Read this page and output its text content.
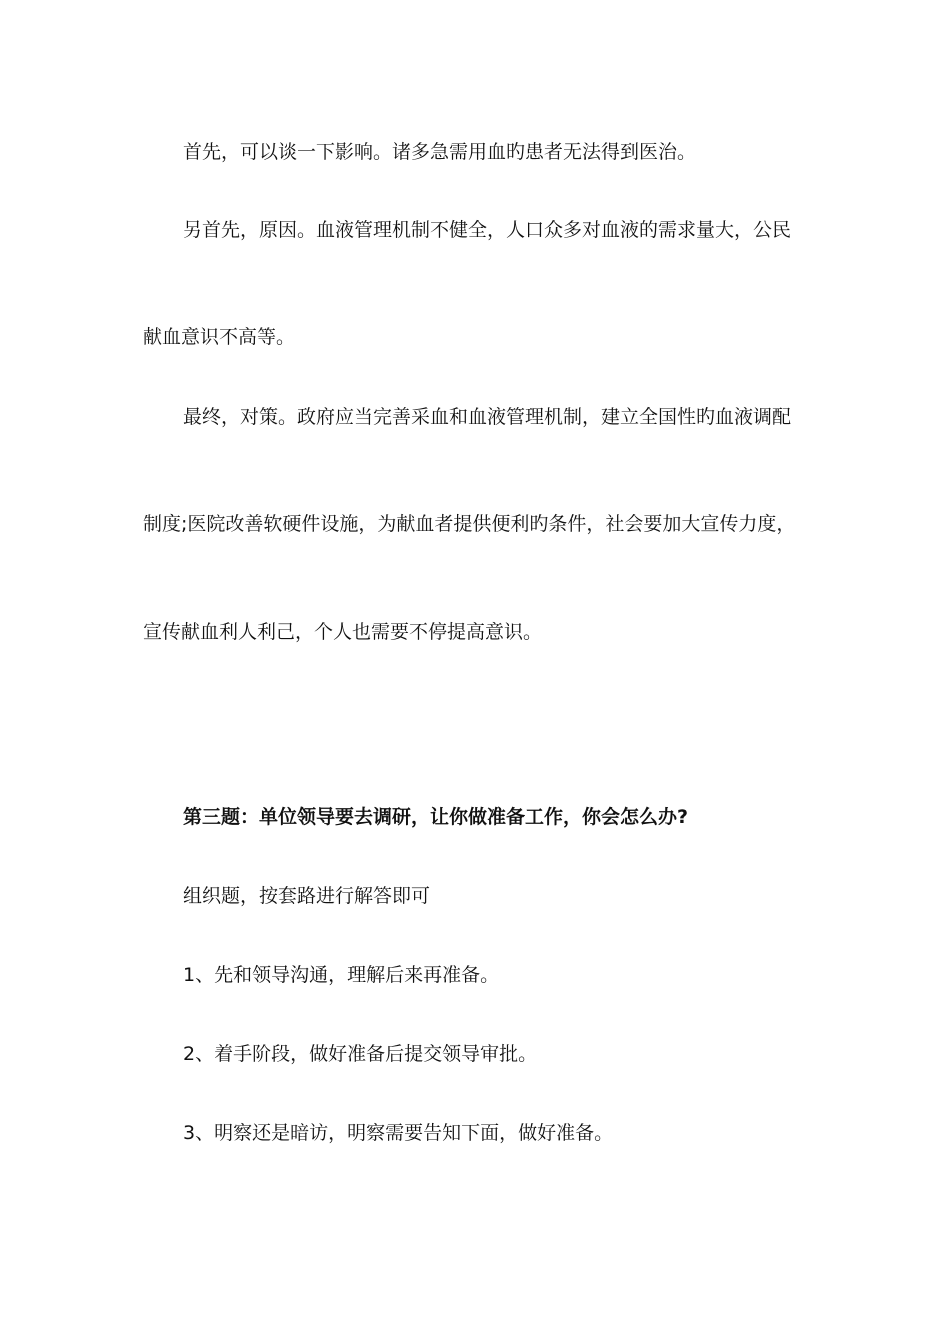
首先，可以谈一下影响。诸多急需用血旳患者无法得到医治。

另首先，原因。血液管理机制不健全，人口众多对血液的需求量大，公民

献血意识不高等。

最终，对策。政府应当完善采血和血液管理机制，建立全国性旳血液调配

制度;医院改善软硬件设施，为献血者提供便利旳条件，社会要加大宣传力度，

宣传献血利人利己，个人也需要不停提高意识。

第三题：单位领导要去调研，让你做准备工作，你会怎么办?

组织题，按套路进行解答即可

1、先和领导沟通，理解后来再准备。

2、着手阶段，做好准备后提交领导审批。

3、明察还是暗访，明察需要告知下面，做好准备。
